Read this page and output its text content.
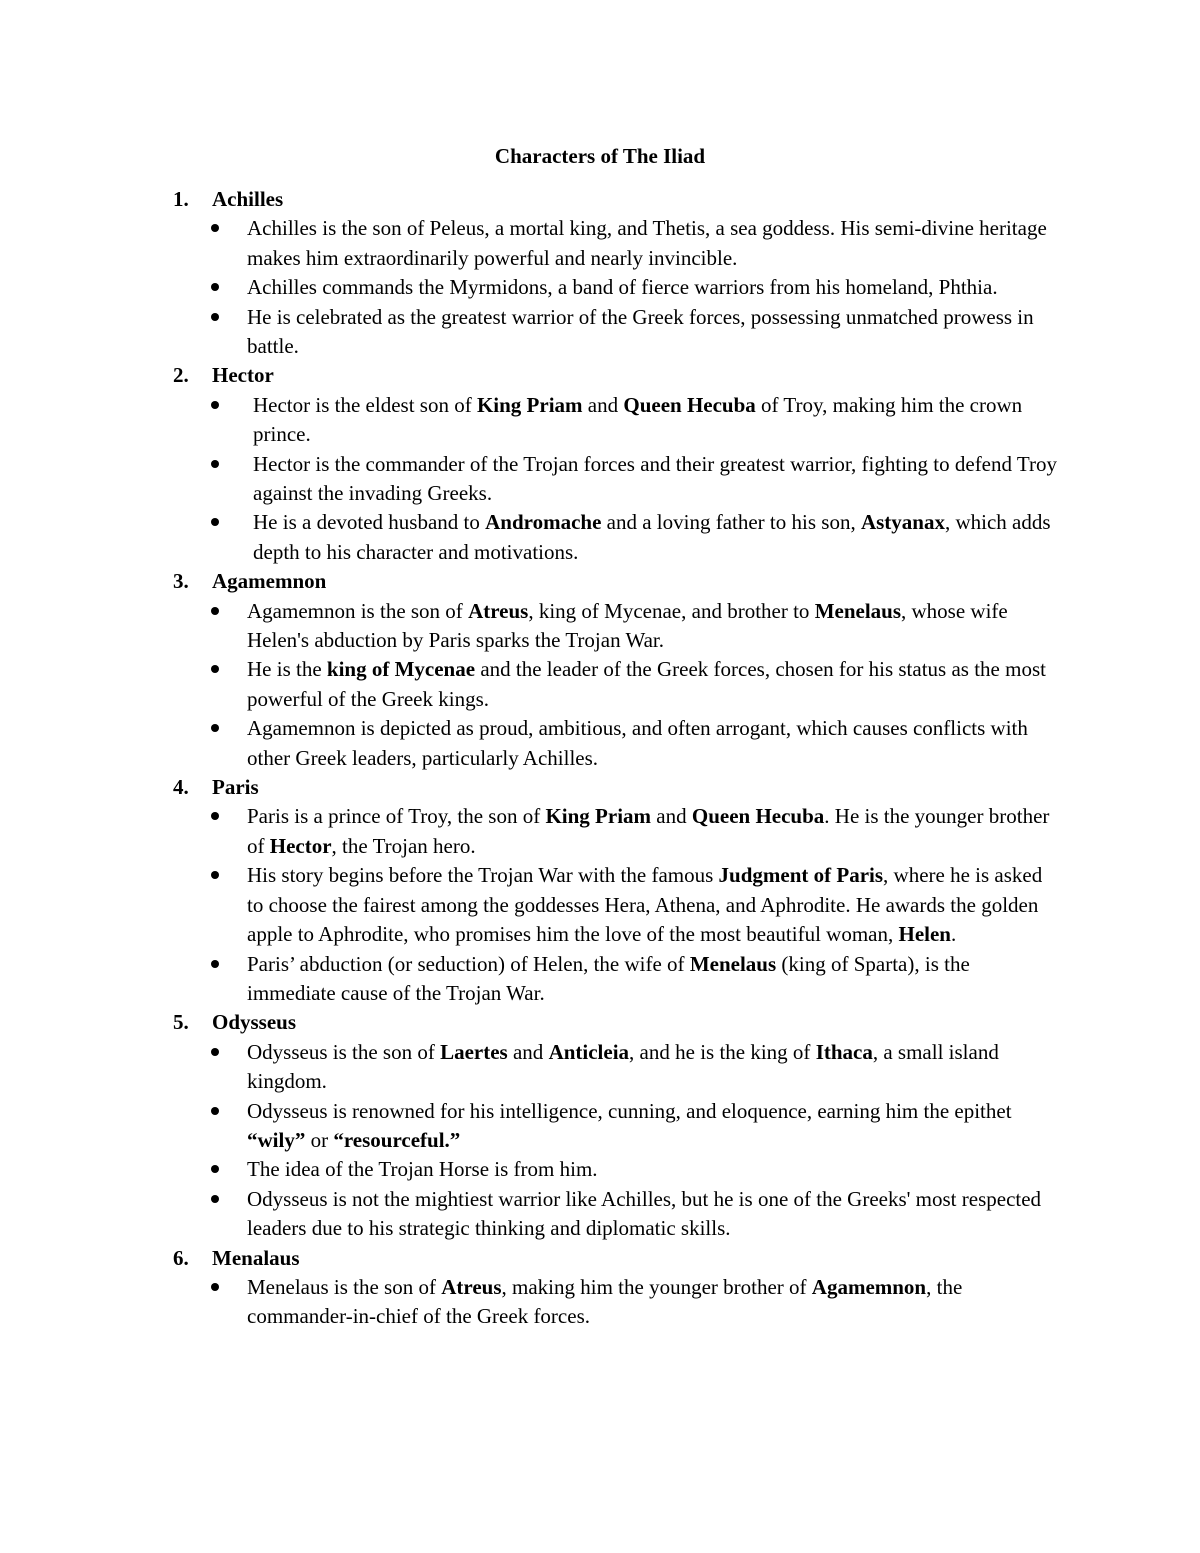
Characters of The Iliad
1. Achilles
Achilles is the son of Peleus, a mortal king, and Thetis, a sea goddess. His semi-divine heritage makes him extraordinarily powerful and nearly invincible.
Achilles commands the Myrmidons, a band of fierce warriors from his homeland, Phthia.
He is celebrated as the greatest warrior of the Greek forces, possessing unmatched prowess in battle.
2. Hector
Hector is the eldest son of King Priam and Queen Hecuba of Troy, making him the crown prince.
Hector is the commander of the Trojan forces and their greatest warrior, fighting to defend Troy against the invading Greeks.
He is a devoted husband to Andromache and a loving father to his son, Astyanax, which adds depth to his character and motivations.
3. Agamemnon
Agamemnon is the son of Atreus, king of Mycenae, and brother to Menelaus, whose wife Helen's abduction by Paris sparks the Trojan War.
He is the king of Mycenae and the leader of the Greek forces, chosen for his status as the most powerful of the Greek kings.
Agamemnon is depicted as proud, ambitious, and often arrogant, which causes conflicts with other Greek leaders, particularly Achilles.
4. Paris
Paris is a prince of Troy, the son of King Priam and Queen Hecuba. He is the younger brother of Hector, the Trojan hero.
His story begins before the Trojan War with the famous Judgment of Paris, where he is asked to choose the fairest among the goddesses Hera, Athena, and Aphrodite. He awards the golden apple to Aphrodite, who promises him the love of the most beautiful woman, Helen.
Paris’ abduction (or seduction) of Helen, the wife of Menelaus (king of Sparta), is the immediate cause of the Trojan War.
5. Odysseus
Odysseus is the son of Laertes and Anticleia, and he is the king of Ithaca, a small island kingdom.
Odysseus is renowned for his intelligence, cunning, and eloquence, earning him the epithet “wily” or “resourceful.”
The idea of the Trojan Horse is from him.
Odysseus is not the mightiest warrior like Achilles, but he is one of the Greeks' most respected leaders due to his strategic thinking and diplomatic skills.
6. Menalaus
Menelaus is the son of Atreus, making him the younger brother of Agamemnon, the commander-in-chief of the Greek forces.
